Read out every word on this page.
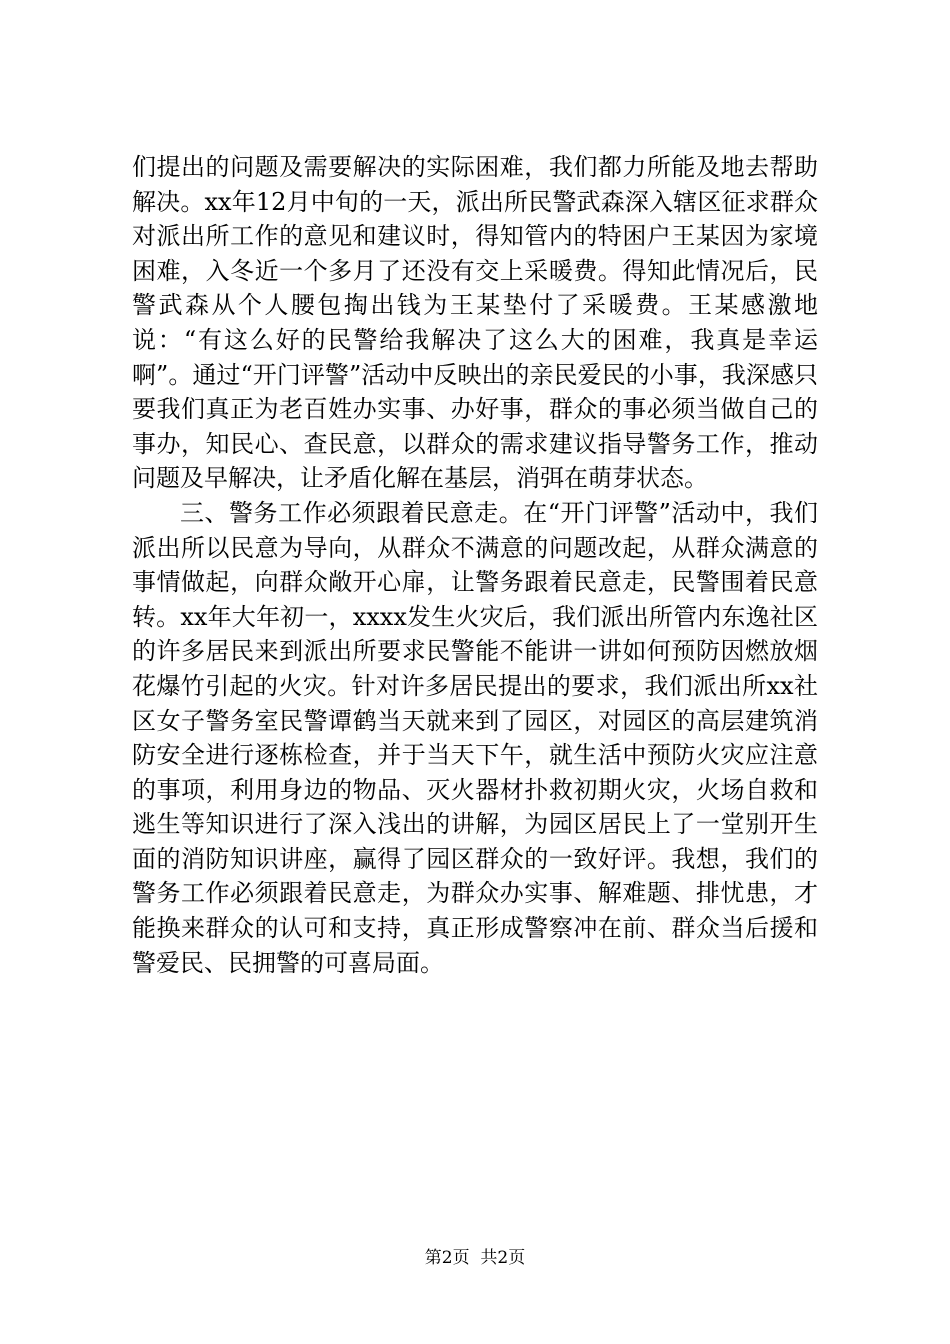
们提出的问题及需要解决的实际困难，我们都力所能及地去帮助解决。xx年12月中旬的一天，派出所民警武森深入辖区征求群众对派出所工作的意见和建议时，得知管内的特困户王某因为家境困难，入冬近一个多月了还没有交上采暖费。得知此情况后，民警武森从个人腰包掏出钱为王某垫付了采暖费。王某感激地说：“有这么好的民警给我解决了这么大的困难，我真是幸运啊”。通过“开门评警”活动中反映出的亲民爱民的小事，我深感只要我们真正为老百姓办实事、办好事，群众的事必须当做自己的事办，知民心、查民意，以群众的需求建议指导警务工作，推动问题及早解决，让矛盾化解在基层，消弭在萌芽状态。

三、警务工作必须跟着民意走。在“开门评警”活动中，我们派出所以民意为导向，从群众不满意的问题改起，从群众满意的事情做起，向群众敞开心扉，让警务跟着民意走，民警围着民意转。xx年大年初一，xxxx发生火灾后，我们派出所管内东逸社区的许多居民来到派出所要求民警能不能讲一讲如何预防因燃放烟花爆竹引起的火灾。针对许多居民提出的要求，我们派出所xx社区女子警务室民警谭鹤当天就来到了园区，对园区的高层建筑消防安全进行逐栋检查，并于当天下午，就生活中预防火灾应注意的事项，利用身边的物品、灭火器材扑救初期火灾，火场自救和逃生等知识进行了深入浅出的讲解，为园区居民上了一堂别开生面的消防知识讲座，赢得了园区群众的一致好评。我想，我们的警务工作必须跟着民意走，为群众办实事、解难题、排忧患，才能换来群众的认可和支持，真正形成警察冲在前、群众当后援和警爱民、民拥警的可喜局面。

第2页  共2页
